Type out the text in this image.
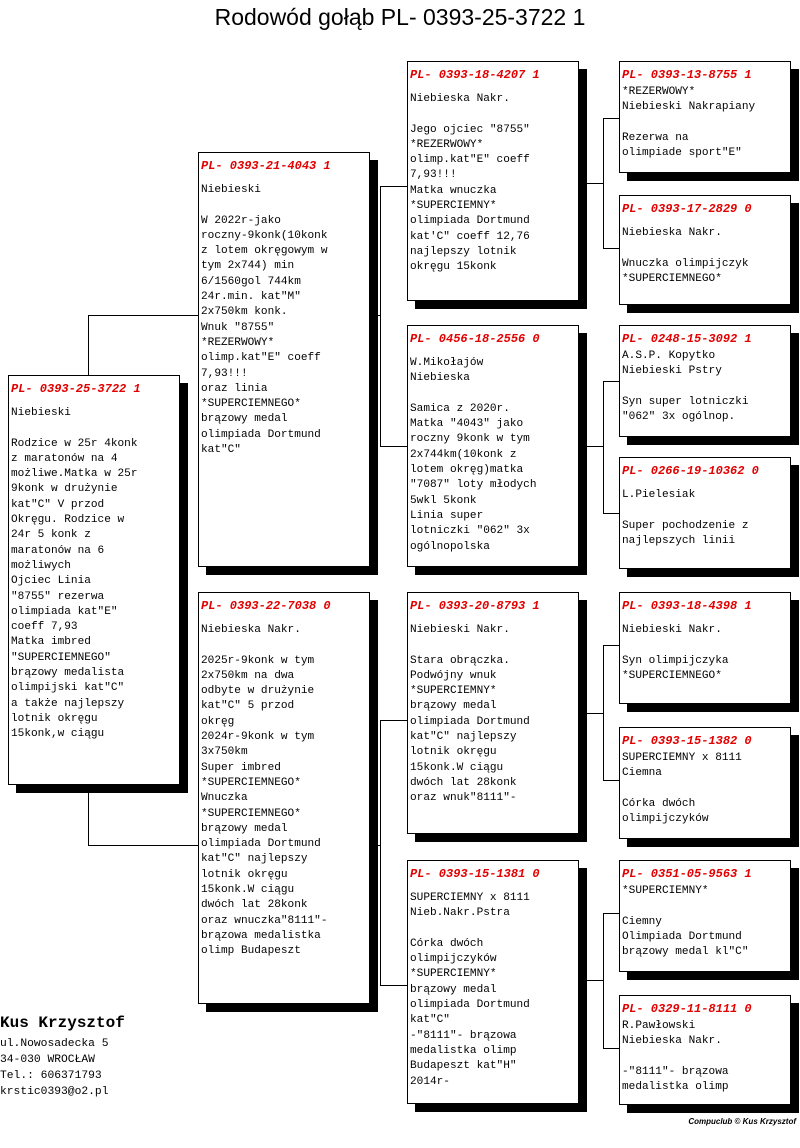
Rodowód gołąb PL- 0393-25-3722 1
PL- 0393-25-3722 1
Niebieski

Rodzice w 25r 4konk
z maratonów na 4
możliwe.Matka w 25r
9konk w drużynie
kat"C" V przod
Okręgu. Rodzice w
24r 5 konk z
maratonów na 6
możliwych
Ojciec Linia
"8755" rezerwa
olimpiada kat"E"
coeff 7,93
Matka imbred
"SUPERCIEMNEGO"
brązowy medalista
olimpijski kat"C"
a także najlepszy
lotnik okręgu
15konk,w ciągu
PL- 0393-21-4043 1
Niebieski

W 2022r-jako
roczny-9konk(10konk
z lotem okręgowym w
tym 2x744) min
6/1560gol 744km
24r.min. kat"M"
2x750km konk.
Wnuk "8755"
*REZERWOWY*
olimp.kat"E" coeff
7,93!!!
oraz linia
*SUPERCIEMNEGO*
brązowy medal
olimpiada Dortmund
kat"C"
PL- 0393-22-7038 0
Niebieska Nakr.

2025r-9konk w tym
2x750km na dwa
odbyte w drużynie
kat"C" 5 przod
okręg
2024r-9konk w tym
3x750km
Super imbred
*SUPERCIEMNEGO*
Wnuczka
*SUPERCIEMNEGO*
brązowy medal
olimpiada Dortmund
kat"C" najlepszy
lotnik okręgu
15konk.W ciągu
dwóch lat 28konk
oraz wnuczka"8111"-
brązowa medalistka
olimp Budapeszt
PL- 0393-18-4207 1
Niebieska Nakr.

Jego ojciec "8755"
*REZERWOWY*
olimp.kat"E" coeff
7,93!!!
Matka wnuczka
*SUPERCIEMNY*
olimpiada Dortmund
kat'C" coeff 12,76
najlepszy lotnik
okręgu 15konk
PL- 0456-18-2556 0
W.Mikołajów
Niebieska

Samica z 2020r.
Matka "4043" jako
roczny 9konk w tym
2x744km(10konk z
lotem okręg)matka
"7087" loty młodych
5wkl 5konk
Linia super
lotniczki "062" 3x
ogólnopolska
PL- 0393-20-8793 1
Niebieski Nakr.

Stara obrączka.
Podwójny wnuk
*SUPERCIEMNY*
brązowy medal
olimpiada Dortmund
kat"C" najlepszy
lotnik okręgu
15konk.W ciągu
dwóch lat 28konk
oraz wnuk"8111"-
PL- 0393-15-1381 0
SUPERCIEMNY x 8111
Nieb.Nakr.Pstra

Córka dwóch
olimpijczyków
*SUPERCIEMNY*
brązowy medal
olimpiada Dortmund
kat"C"
-"8111"- brązowa
medalistka olimp
Budapeszt kat"H"
2014r-
PL- 0393-13-8755 1
*REZERWOWY*
Niebieski Nakrapiany

Rezerwa na
olimpiade sport"E"
PL- 0393-17-2829 0
Niebieska Nakr.

Wnuczka olimpijczyk
*SUPERCIEMNEGO*
PL- 0248-15-3092 1
A.S.P. Kopytko
Niebieski Pstry

Syn super lotniczki
"062" 3x ogólnop.
PL- 0266-19-10362 0
L.Pielesiak

Super pochodzenie z
najlepszych linii
PL- 0393-18-4398 1
Niebieski Nakr.

Syn olimpijczyka
*SUPERCIEMNEGO*
PL- 0393-15-1382 0
SUPERCIEMNY x 8111
Ciemna

Córka dwóch
olimpijczyków
PL- 0351-05-9563 1
*SUPERCIEMNY*

Ciemny
Olimpiada Dortmund
brązowy medal kl"C"
PL- 0329-11-8111 0
R.Pawłowski
Niebieska Nakr.

-"8111"- brązowa
medalistka olimp
Kus Krzysztof
ul.Nowosadecka 5
34-030 WROCŁAW
Tel.: 606371793
krstic0393@o2.pl
Compuclub © Kus Krzysztof
